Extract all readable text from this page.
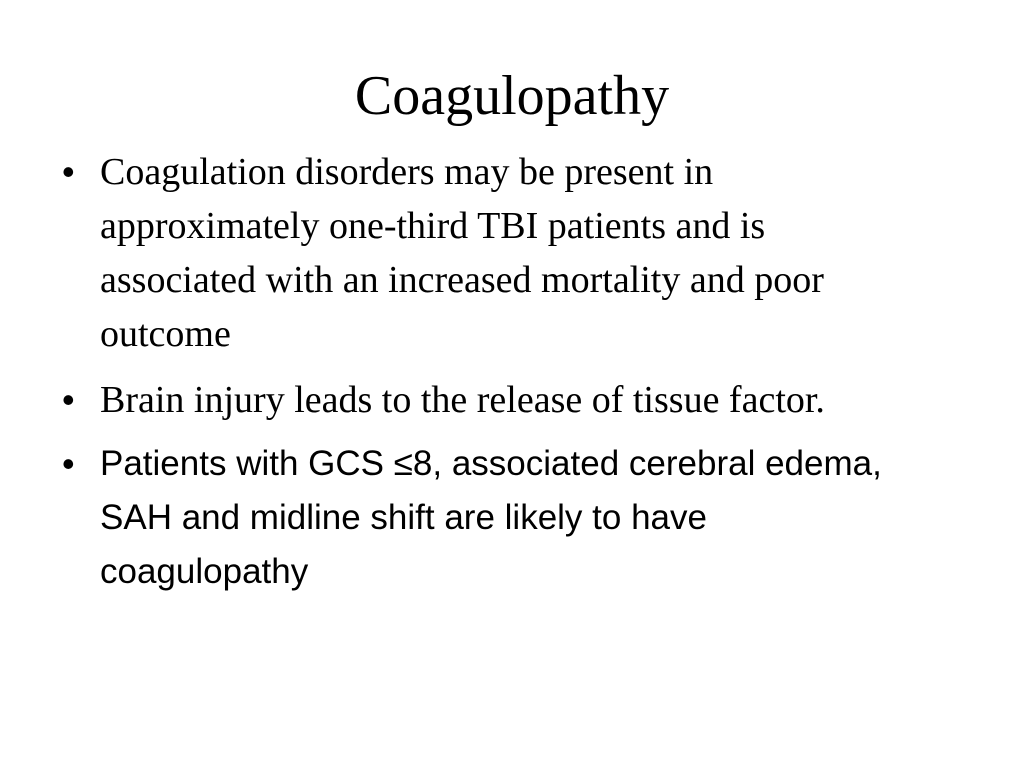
Coagulopathy
• Coagulation disorders may be present in approximately one-third TBI patients and is associated with an increased mortality and poor outcome
• Brain injury leads to the release of tissue factor.
• Patients with GCS ≤8, associated cerebral edema, SAH and midline shift are likely to have coagulopathy
